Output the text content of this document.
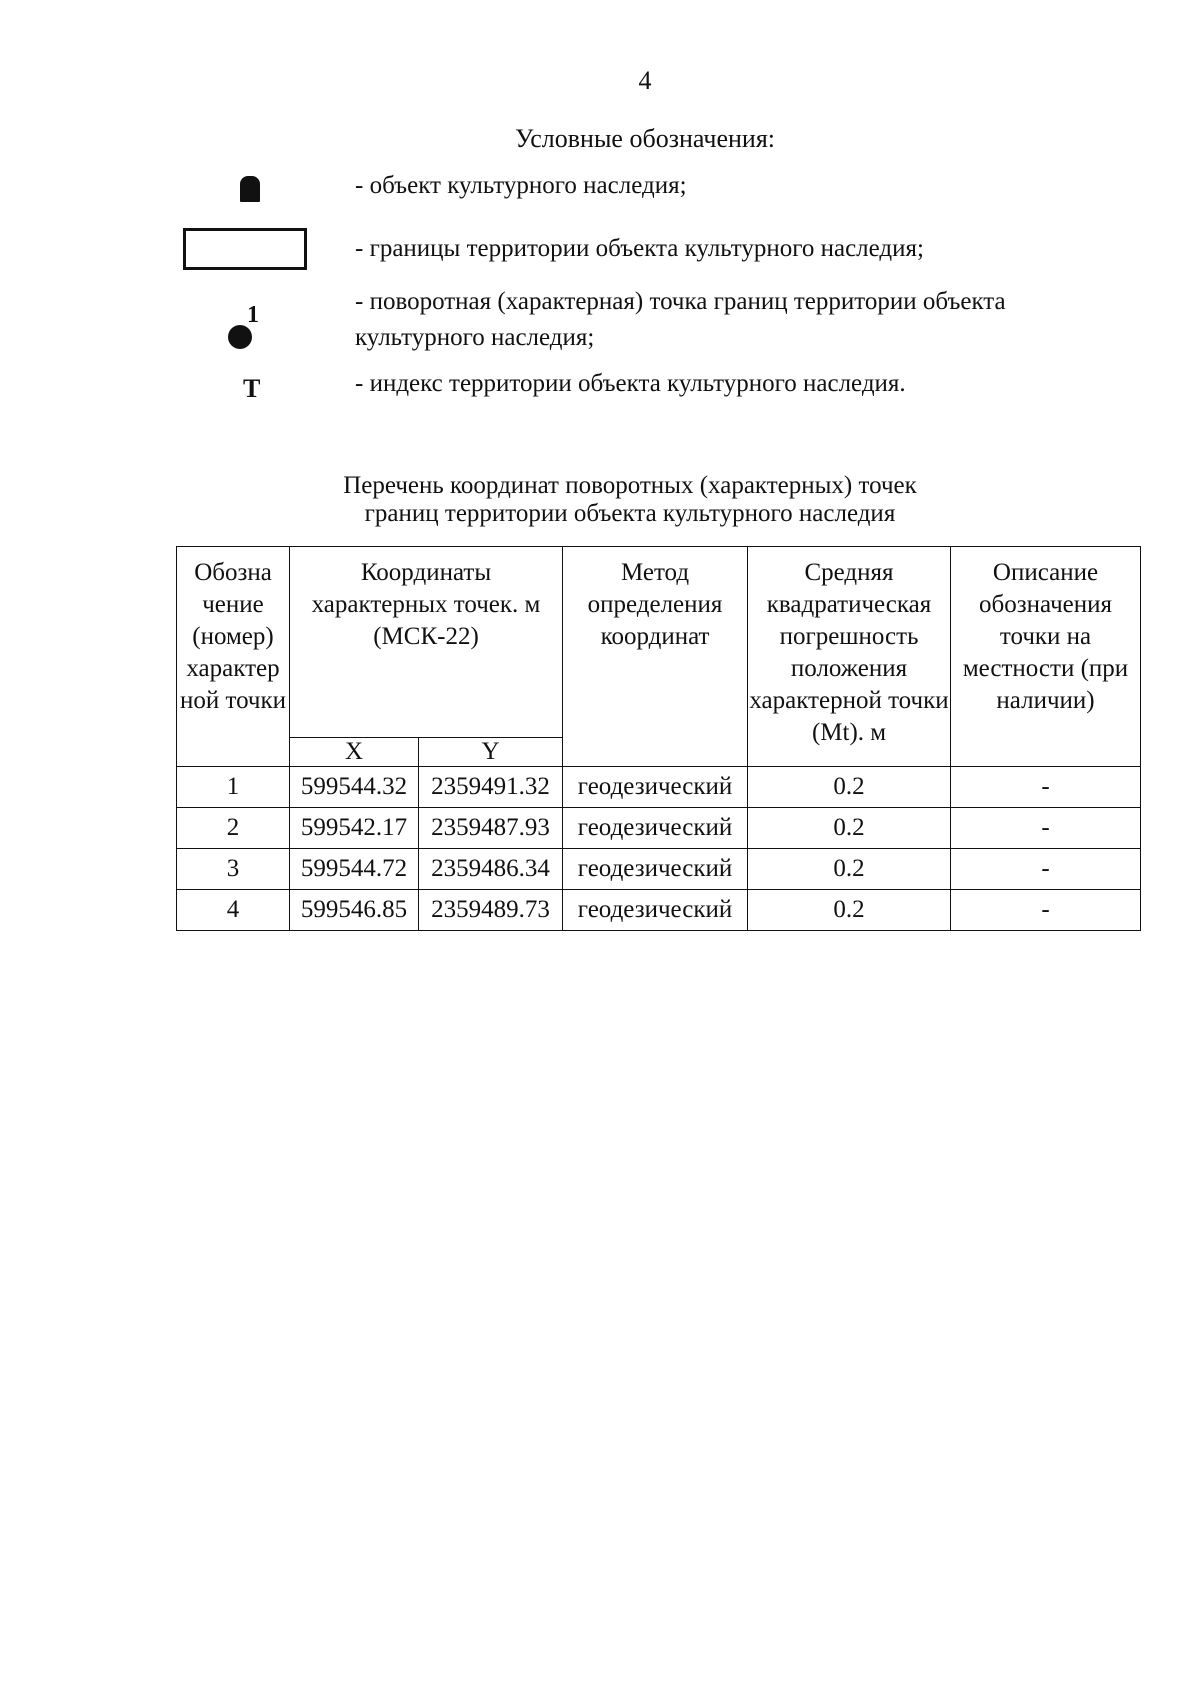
4
Условные обозначения:
- объект культурного наследия;
- границы территории объекта культурного наследия;
1	- поворотная (характерная) точка границ территории объекта культурного наследия;
Т	- индекс территории объекта культурного наследия.
Перечень координат поворотных (характерных) точек
границ территории объекта культурного наследия
Обозна чение (номер) характер ной точки	Координаты характерных точек. м (МСК-22)		Метод определения координат	Средняя квадратическая погрешность положения характерной точки (Mt). м	Описание обозначения точки на местности (при наличии)
	X	Y			
1	599544.32	2359491.32	геодезический	0.2	-
2	599542.17	2359487.93	геодезический	0.2	-
3	599544.72	2359486.34	геодезический	0.2	-
4	599546.85	2359489.73	геодезический	0.2	-
